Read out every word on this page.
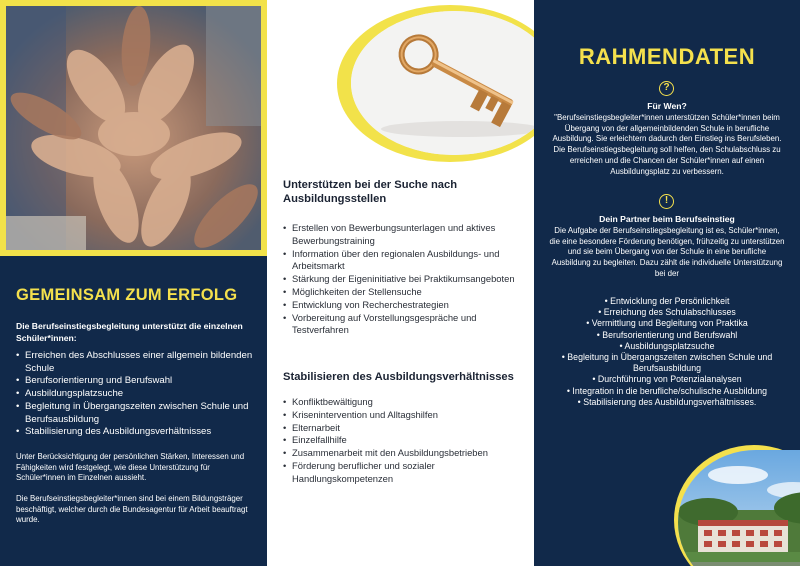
GEMEINSAM ZUM ERFOLG
Die Berufseinstiegsbegleitung unterstützt die einzelnen Schüler*innen:
• Erreichen des Abschlusses einer allgemein bildenden Schule
• Berufsorientierung und Berufswahl
• Ausbildungsplatzsuche
• Begleitung in Übergangszeiten zwischen Schule und Berufsausbildung
• Stabilisierung des Ausbildungsverhältnisses
Unter Berücksichtigung der persönlichen Stärken, Interessen und Fähigkeiten wird festgelegt, wie diese Unterstützung für Schüler*innen im Einzelnen aussieht.
Die Berufseinstiegsbegleiter*innen sind bei einem Bildungsträger beschäftigt, welcher durch die Bundesagentur für Arbeit beauftragt wurde.
Unterstützen bei der Suche nach Ausbildungsstellen
• Erstellen von Bewerbungsunterlagen und aktives Bewerbungstraining
• Information über den regionalen Ausbildungs- und Arbeitsmarkt
• Stärkung der Eigeninitiative bei Praktikumsangeboten
• Möglichkeiten der Stellensuche
• Entwicklung von Recherchestrategien
• Vorbereitung auf Vorstellungsgespräche und Testverfahren
Stabilisieren des Ausbildungsverhältnisses
• Konfliktbewältigung
• Krisenintervention und Alltagshilfen
• Elternarbeit
• Einzelfallhilfe
• Zusammenarbeit mit den Ausbildungsbetrieben
• Förderung beruflicher und sozialer Handlungskompetenzen
RAHMENDATEN
?
Für Wen?
"Berufseinstiegsbegleiter*innen unterstützen Schüler*innen beim Übergang von der allgemeinbildenden Schule in berufliche Ausbildung. Sie erleichtern dadurch den Einstieg ins Berufsleben. Die Berufseinstiegsbegleitung soll helfen, den Schulabschluss zu erreichen und die Chancen der Schüler*innen auf einen Ausbildungsplatz zu verbessern.
!
Dein Partner beim Berufseinstieg
Die Aufgabe der Berufseinstiegsbegleitung ist es, Schüler*innen, die eine besondere Förderung benötigen, frühzeitig zu unterstützen und sie beim Übergang von der Schule in eine berufliche Ausbildung zu begleiten. Dazu zählt die individuelle Unterstützung bei der
• Entwicklung der Persönlichkeit
• Erreichung des Schulabschlusses
• Vermittlung und Begleitung von Praktika
• Berufsorientierung und Berufswahl
• Ausbildungsplatzsuche
• Begleitung in Übergangszeiten zwischen Schule und Berufsausbildung
• Durchführung von Potenzialanalysen
• Integration in die berufliche/schulische Ausbildung
• Stabilisierung des Ausbildungsverhältnisses.
